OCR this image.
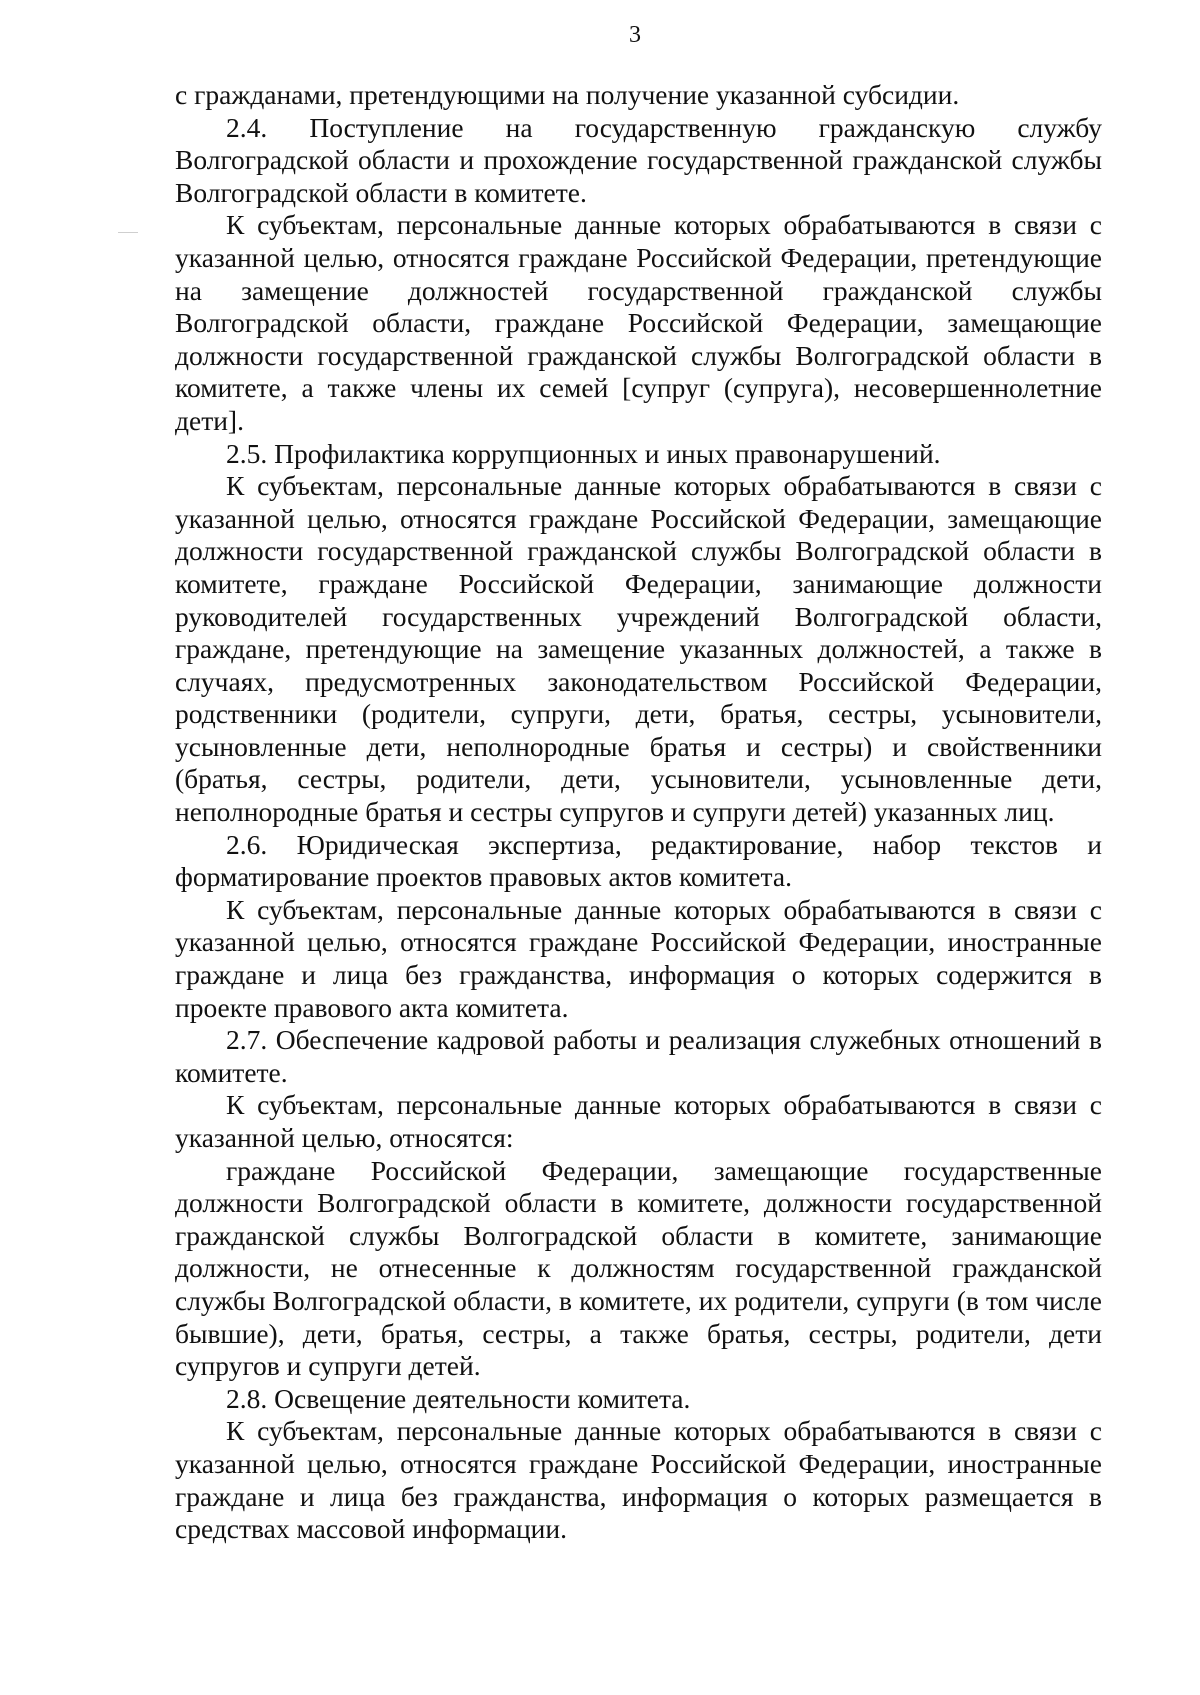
3

с гражданами, претендующими на получение указанной субсидии.

2.4. Поступление на государственную гражданскую службу Волгоградской области и прохождение государственной гражданской службы Волгоградской области в комитете.

К субъектам, персональные данные которых обрабатываются в связи с указанной целью, относятся граждане Российской Федерации, претендующие на замещение должностей государственной гражданской службы Волгоградской области, граждане Российской Федерации, замещающие должности государственной гражданской службы Волгоградской области в комитете, а также члены их семей [супруг (супруга), несовершеннолетние дети].

2.5. Профилактика коррупционных и иных правонарушений.

К субъектам, персональные данные которых обрабатываются в связи с указанной целью, относятся граждане Российской Федерации, замещающие должности государственной гражданской службы Волгоградской области в комитете, граждане Российской Федерации, занимающие должности руководителей государственных учреждений Волгоградской области, граждане, претендующие на замещение указанных должностей, а также в случаях, предусмотренных законодательством Российской Федерации, родственники (родители, супруги, дети, братья, сестры, усыновители, усыновленные дети, неполнородные братья и сестры) и свойственники (братья, сестры, родители, дети, усыновители, усыновленные дети, неполнородные братья и сестры супругов и супруги детей) указанных лиц.

2.6. Юридическая экспертиза, редактирование, набор текстов и форматирование проектов правовых актов комитета.

К субъектам, персональные данные которых обрабатываются в связи с указанной целью, относятся граждане Российской Федерации, иностранные граждане и лица без гражданства, информация о которых содержится в проекте правового акта комитета.

2.7. Обеспечение кадровой работы и реализация служебных отношений в комитете.

К субъектам, персональные данные которых обрабатываются в связи с указанной целью, относятся:

граждане Российской Федерации, замещающие государственные должности Волгоградской области в комитете, должности государственной гражданской службы Волгоградской области в комитете, занимающие должности, не отнесенные к должностям государственной гражданской службы Волгоградской области, в комитете, их родители, супруги (в том числе бывшие), дети, братья, сестры, а также братья, сестры, родители, дети супругов и супруги детей.

2.8. Освещение деятельности комитета.

К субъектам, персональные данные которых обрабатываются в связи с указанной целью, относятся граждане Российской Федерации, иностранные граждане и лица без гражданства, информация о которых размещается в средствах массовой информации.
